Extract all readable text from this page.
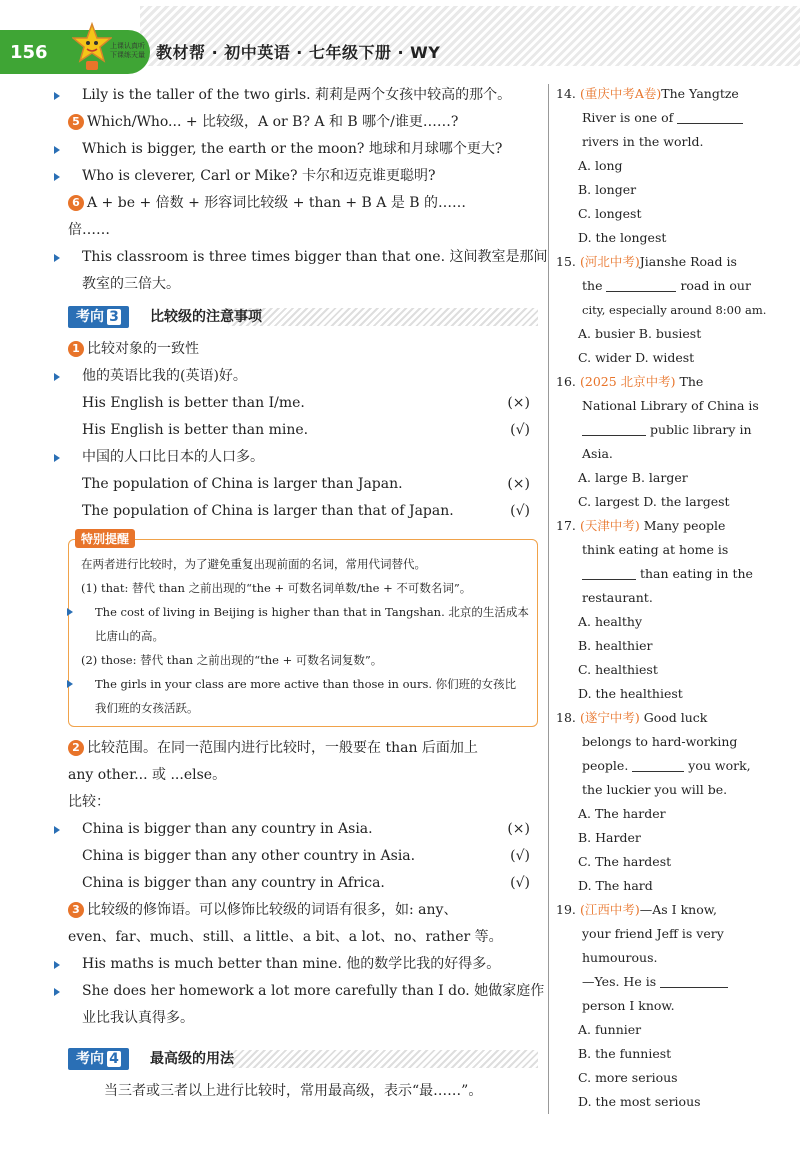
156	上课认真听
下课练天量 教材帮 · 初中英语 · 七年级下册 · WY
Lily is the taller of the two girls. 莉莉是两个女孩中较高的那个。
5 Which/Who... + 比较级，A or B? A 和 B 哪个/谁更……?
Which is bigger, the earth or the moon? 地球和月球哪个更大?
Who is cleverer, Carl or Mike? 卡尔和迈克谁更聪明?
6 A + be + 倍数 + 形容词比较级 + than + B A 是 B 的……
倍……
This classroom is three times bigger than that one. 这间教室是那间
教室的三倍大。
考向 3	比较级的注意事项
1 比较对象的一致性
他的英语比我的(英语)好。
His English is better than I/me.	(×)
His English is better than mine.	(√)
中国的人口比日本的人口多。
The population of China is larger than Japan.	(×)
The population of China is larger than that of Japan.	(√)
特别提醒
在两者进行比较时，为了避免重复出现前面的名词，常用代词替代。
(1) that: 替代 than 之前出现的“the + 可数名词单数/the + 不可数名词”。
The cost of living in Beijing is higher than that in Tangshan. 北京的生活成本
比唐山的高。
(2) those: 替代 than 之前出现的“the + 可数名词复数”。
The girls in your class are more active than those in ours. 你们班的女孩比
我们班的女孩活跃。
2 比较范围。在同一范围内进行比较时，一般要在 than 后面加上
any other... 或 ...else。
比较：
China is bigger than any country in Asia.	(×)
China is bigger than any other country in Asia.	(√)
China is bigger than any country in Africa.	(√)
3 比较级的修饰语。可以修饰比较级的词语有很多，如: any、
even、far、much、still、a little、a bit、a lot、no、rather 等。
His maths is much better than mine. 他的数学比我的好得多。
She does her homework a lot more carefully than I do. 她做家庭作
业比我认真得多。
考向 4	最高级的用法
当三者或三者以上进行比较时，常用最高级，表示“最……”。
14. (重庆中考A卷)The Yangtze
River is one of
rivers in the world.
A. long
B. longer
C. longest
D. the longest
15. (河北中考)Jianshe Road is
the	road in our
city, especially around 8:00 am.
A. busier B. busiest
C. wider D. widest
16. (2025 北京中考) The
National Library of China is
public library in
Asia.
A. large B. larger
C. largest D. the largest
17. (天津中考) Many people
think eating at home is
than eating in the
restaurant.
A. healthy
B. healthier
C. healthiest
D. the healthiest
18. (遂宁中考) Good luck
belongs to hard-working
people.	you work,
the luckier you will be.
A. The harder
B. Harder
C. The hardest
D. The hard
19. (江西中考)—As I know,
your friend Jeff is very
humourous.
—Yes. He is
person I know.
A. funnier
B. the funniest
C. more serious
D. the most serious
